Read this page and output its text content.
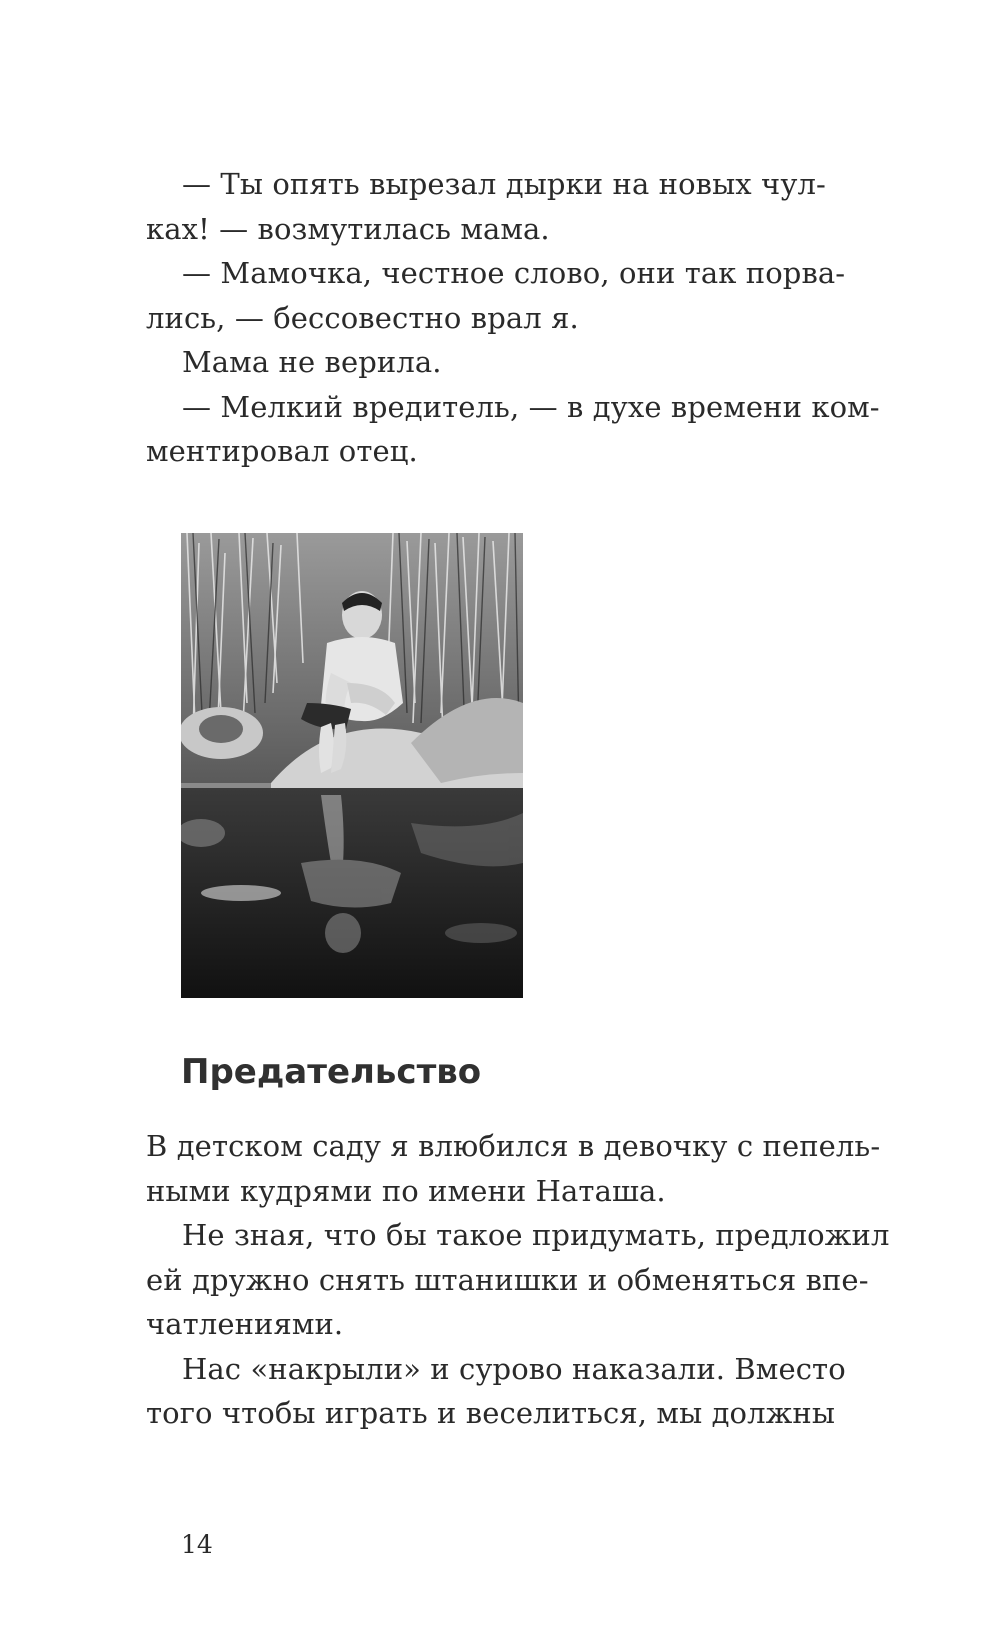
— Ты опять вырезал дырки на новых чул-
ках! — возмутилась мама.
— Мамочка, честное слово, они так порва-
лись, — бессовестно врал я.
Мама не верила.
— Мелкий вредитель, — в духе времени ком-
ментировал отец.
Предательство
В детском саду я влюбился в девочку с пепель-
ными кудрями по имени Наташа.
Не зная, что бы такое придумать, предложил
ей дружно снять штанишки и обменяться впе-
чатлениями.
Нас «накрыли» и сурово наказали. Вместо
того чтобы играть и веселиться, мы должны
14
